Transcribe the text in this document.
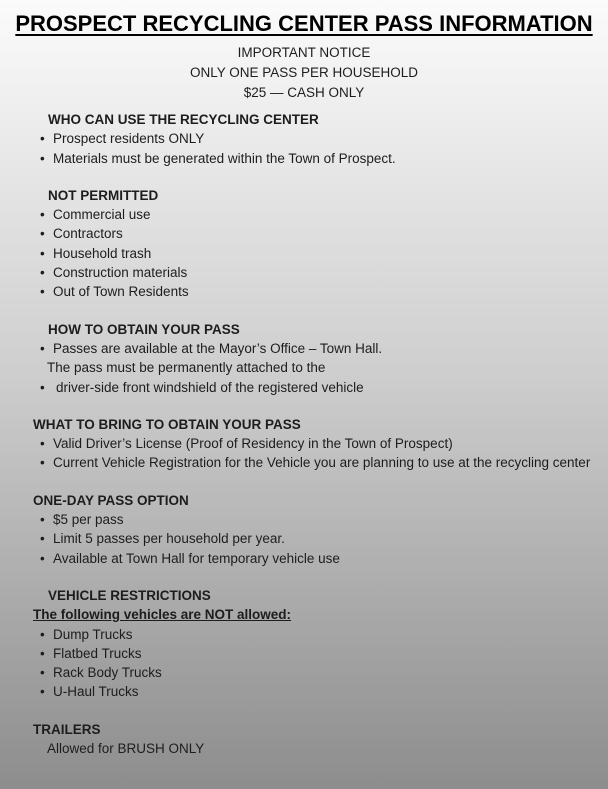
PROSPECT RECYCLING CENTER PASS INFORMATION
IMPORTANT NOTICE
ONLY ONE PASS PER HOUSEHOLD
$25 — CASH ONLY
WHO CAN USE THE RECYCLING CENTER
• Prospect residents ONLY
• Materials must be generated within the Town of Prospect.
NOT PERMITTED
• Commercial use
• Contractors
• Household trash
• Construction materials
• Out of Town Residents
HOW TO OBTAIN YOUR PASS
• Passes are available at the Mayor’s Office – Town Hall.
The pass must be permanently attached to the
• driver-side front windshield of the registered vehicle
WHAT TO BRING TO OBTAIN YOUR PASS
• Valid Driver’s License (Proof of Residency in the Town of Prospect)
• Current Vehicle Registration for the Vehicle you are planning to use at the recycling center
ONE-DAY PASS OPTION
• $5 per pass
• Limit 5 passes per household per year.
• Available at Town Hall for temporary vehicle use
VEHICLE RESTRICTIONS
The following vehicles are NOT allowed:
• Dump Trucks
• Flatbed Trucks
• Rack Body Trucks
• U-Haul Trucks
TRAILERS
Allowed for BRUSH ONLY
